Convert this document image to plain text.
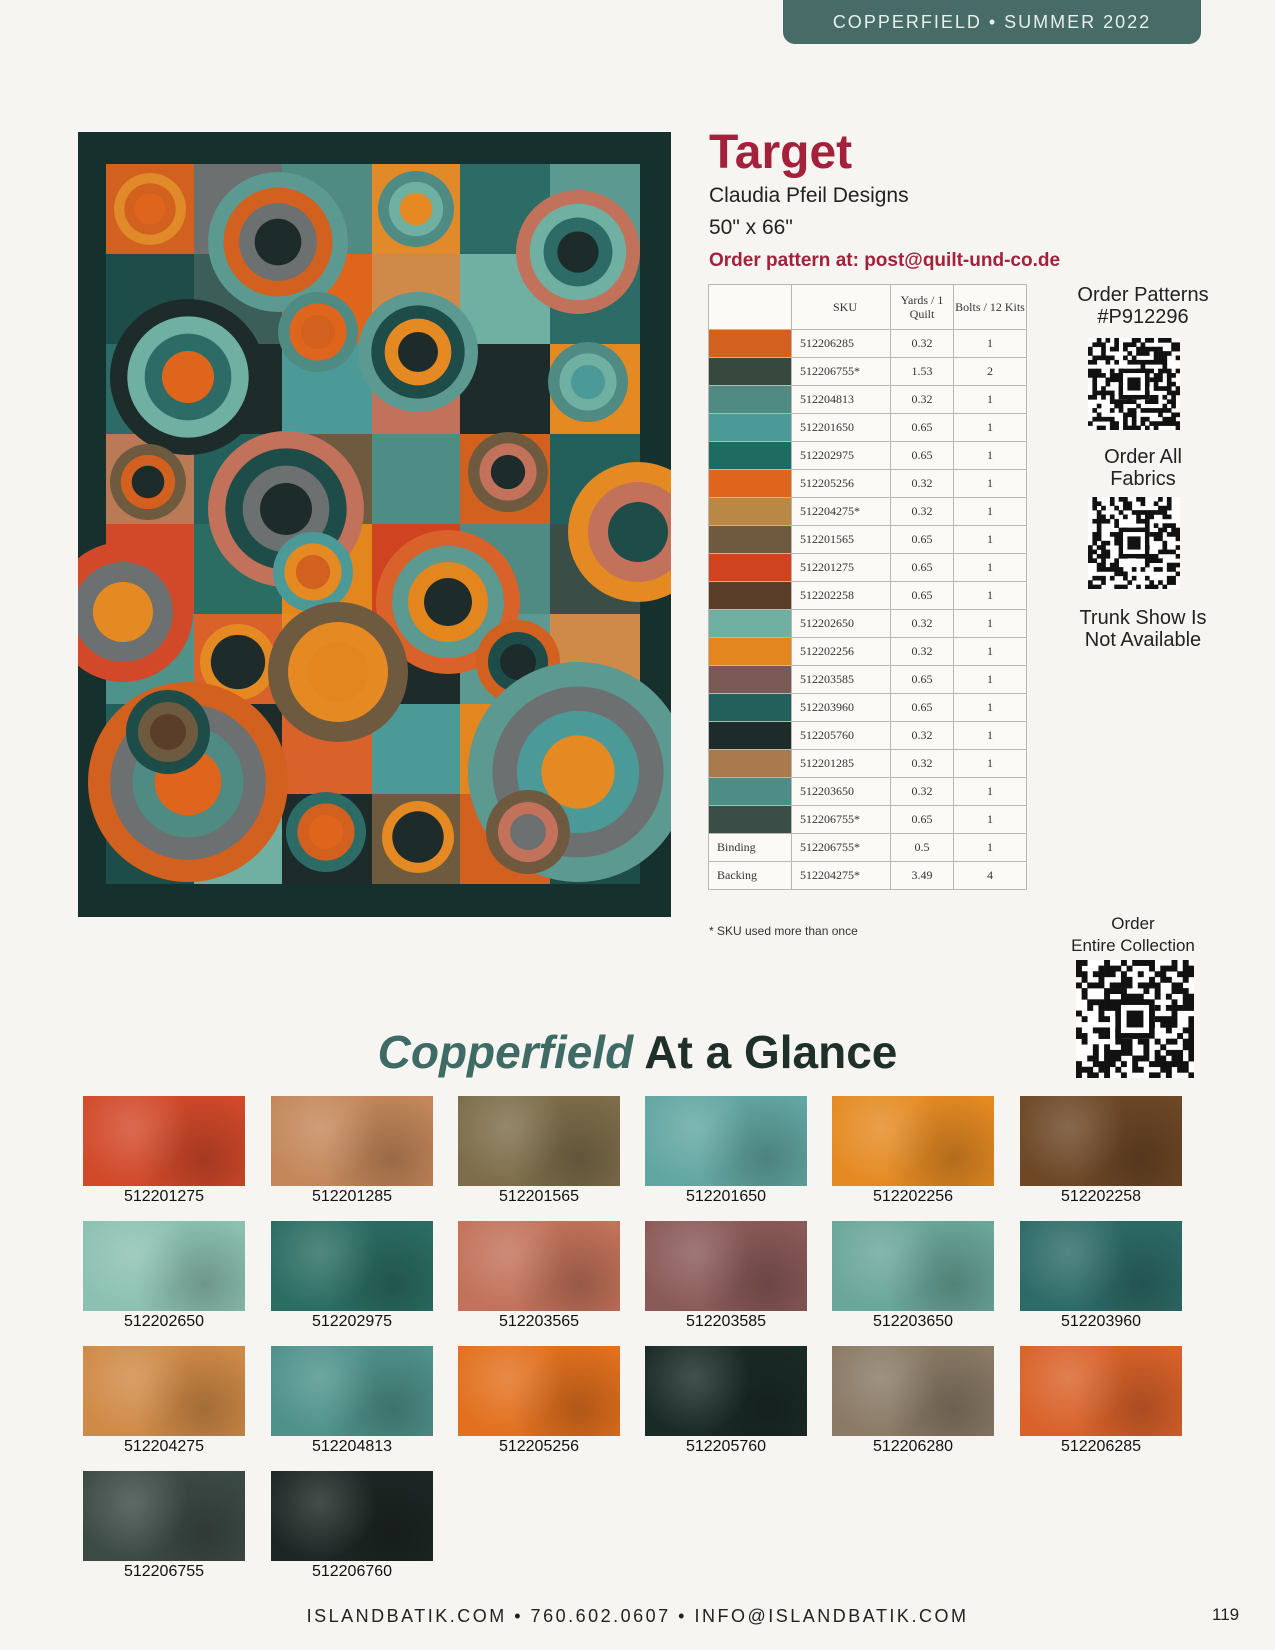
COPPERFIELD • SUMMER 2022
Target
Claudia Pfeil Designs
50" x 66"
Order pattern at: post@quilt-und-co.de
	SKU	Yards / 1 Quilt	Bolts / 12 Kits
	512206285	0.32	1
	512206755*	1.53	2
	512204813	0.32	1
	512201650	0.65	1
	512202975	0.65	1
	512205256	0.32	1
	512204275*	0.32	1
	512201565	0.65	1
	512201275	0.65	1
	512202258	0.65	1
	512202650	0.32	1
	512202256	0.32	1
	512203585	0.65	1
	512203960	0.65	1
	512205760	0.32	1
	512201285	0.32	1
	512203650	0.32	1
	512206755*	0.65	1
Binding	512206755*	0.5	1
Backing	512204275*	3.49	4
* SKU used more than once
Order Patterns
#P912296
Order All
Fabrics
Trunk Show Is
Not Available
Order
Entire Collection
Copperfield At a Glance
512201275	512201285	512201565	512201650	512202256	512202258
512202650	512202975	512203565	512203585	512203650	512203960
512204275	512204813	512205256	512205760	512206280	512206285
512206755	512206760
ISLANDBATIK.COM • 760.602.0607 • INFO@ISLANDBATIK.COM	119
